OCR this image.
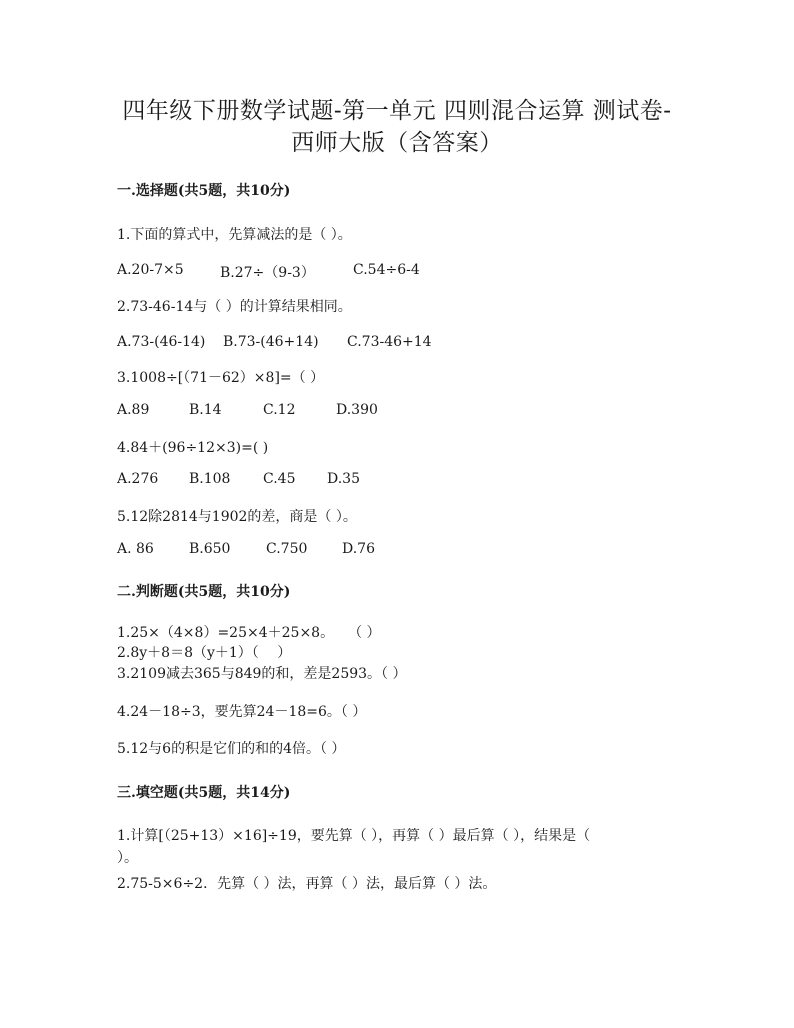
四年级下册数学试题-第一单元 四则混合运算 测试卷-
西师大版（含答案）
一.选择题(共5题，共10分)
1.下面的算式中，先算减法的是（ ）。
A.20-7×5	B.27÷（9-3）	C.54÷6-4
2.73-46-14与（ ）的计算结果相同。
A.73-(46-14) B.73-(46+14) C.73-46+14
3.1008÷[（71－62）×8]=（ ）
A.89	B.14	C.12	D.390
4.84＋(96÷12×3)=( )
A.276 B.108 C.45 D.35
5.12除2814与1902的差，商是（ ）。
A. 86	B.650	C.750 D.76
二.判断题(共5题，共10分)
1.25×（4×8）=25×4＋25×8。　　（ ）
2.8y＋8＝8（y＋1）（　 ）
3.2109减去365与849的和，差是2593。（ ）
4.24－18÷3，要先算24－18=6。（ ）
5.12与6的积是它们的和的4倍。（ ）
三.填空题(共5题，共14分)
1.计算[（25+13）×16]÷19，要先算（ ），再算（ ）最后算（ ），结果是（
）。
2.75-5×6÷2．先算（ ）法，再算（ ）法，最后算（ ）法。
